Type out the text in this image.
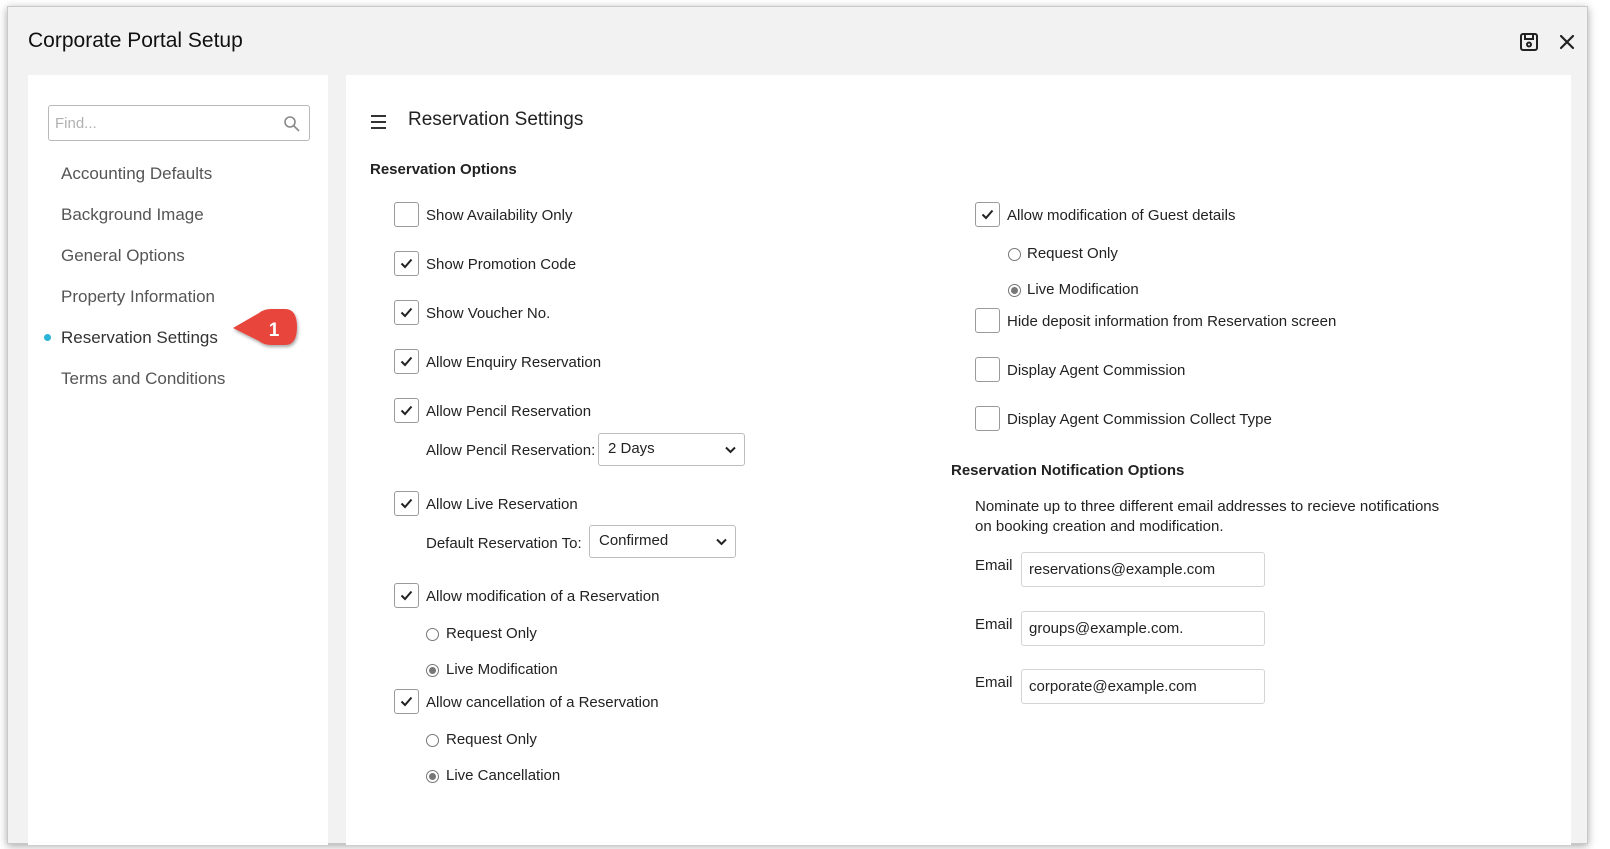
Corporate Portal Setup
Find...
Accounting Defaults
Background Image
General Options
Property Information
Reservation Settings
Terms and Conditions
1
Reservation Settings
Reservation Options
Show Availability Only
Show Promotion Code
Show Voucher No.
Allow Enquiry Reservation
Allow Pencil Reservation
Allow Pencil Reservation: 2 Days
Allow Live Reservation
Default Reservation To: Confirmed
Allow modification of a Reservation
Request Only
Live Modification
Allow cancellation of a Reservation
Request Only
Live Cancellation
Allow modification of Guest details
Request Only
Live Modification
Hide deposit information from Reservation screen
Display Agent Commission
Display Agent Commission Collect Type
Reservation Notification Options
Nominate up to three different email addresses to recieve notifications on booking creation and modification.
Email
reservations@example.com
Email
groups@example.com.
Email
corporate@example.com
